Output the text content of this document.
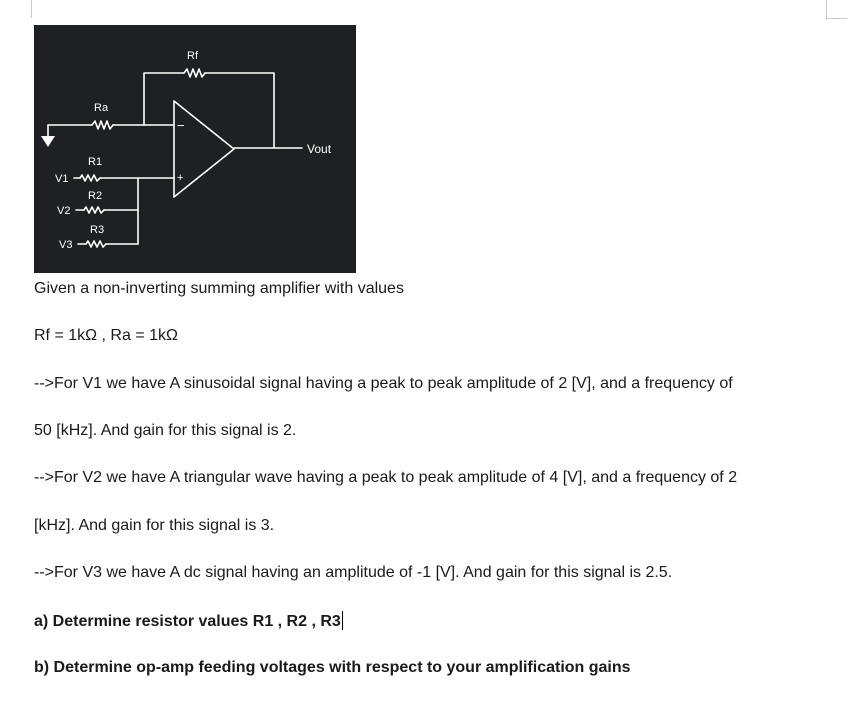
Rf
Ra
R1
R2
R3
V1
V2
V3
Vout
−
+

Given a non-inverting summing amplifier with values

Rf = 1kΩ , Ra = 1kΩ

-->For V1 we have A sinusoidal signal having a peak to peak amplitude of 2 [V], and a frequency of

50 [kHz]. And gain for this signal is 2.

-->For V2 we have A triangular wave having a peak to peak amplitude of 4 [V], and a frequency of 2

[kHz]. And gain for this signal is 3.

-->For V3 we have A dc signal having an amplitude of -1 [V]. And gain for this signal is 2.5.

a) Determine resistor values R1 , R2 , R3

b) Determine op-amp feeding voltages with respect to your amplification gains
